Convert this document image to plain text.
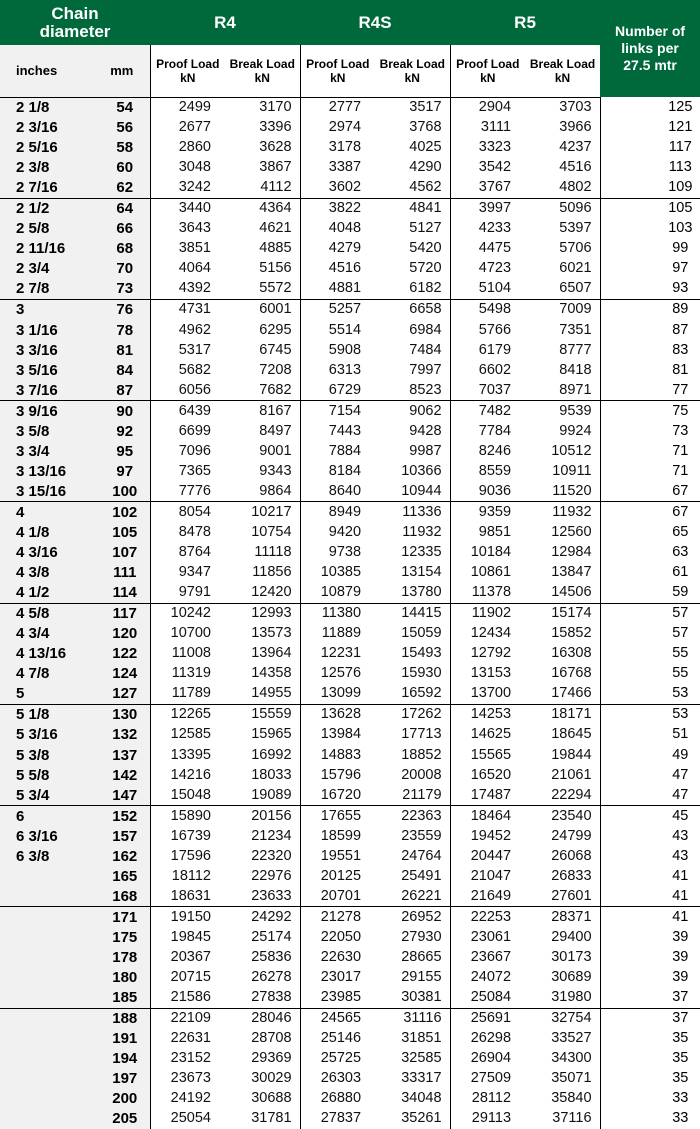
Chain diameter		R4		R4S		R5		Number of links per 27.5 mtr
inches	mm	Proof Load kN	Break Load kN	Proof Load kN	Break Load kN	Proof Load kN	Break Load kN	
2 1/8	54	2499	3170	2777	3517	2904	3703	125
2 3/16	56	2677	3396	2974	3768	3111	3966	121
2 5/16	58	2860	3628	3178	4025	3323	4237	117
2 3/8	60	3048	3867	3387	4290	3542	4516	113
2 7/16	62	3242	4112	3602	4562	3767	4802	109
2 1/2	64	3440	4364	3822	4841	3997	5096	105
2 5/8	66	3643	4621	4048	5127	4233	5397	103
2 11/16	68	3851	4885	4279	5420	4475	5706	99
2 3/4	70	4064	5156	4516	5720	4723	6021	97
2 7/8	73	4392	5572	4881	6182	5104	6507	93
3	76	4731	6001	5257	6658	5498	7009	89
3 1/16	78	4962	6295	5514	6984	5766	7351	87
3 3/16	81	5317	6745	5908	7484	6179	8777	83
3 5/16	84	5682	7208	6313	7997	6602	8418	81
3 7/16	87	6056	7682	6729	8523	7037	8971	77
3 9/16	90	6439	8167	7154	9062	7482	9539	75
3 5/8	92	6699	8497	7443	9428	7784	9924	73
3 3/4	95	7096	9001	7884	9987	8246	10512	71
3 13/16	97	7365	9343	8184	10366	8559	10911	71
3 15/16	100	7776	9864	8640	10944	9036	11520	67
4	102	8054	10217	8949	11336	9359	11932	67
4 1/8	105	8478	10754	9420	11932	9851	12560	65
4 3/16	107	8764	11118	9738	12335	10184	12984	63
4 3/8	111	9347	11856	10385	13154	10861	13847	61
4 1/2	114	9791	12420	10879	13780	11378	14506	59
4 5/8	117	10242	12993	11380	14415	11902	15174	57
4 3/4	120	10700	13573	11889	15059	12434	15852	57
4 13/16	122	11008	13964	12231	15493	12792	16308	55
4 7/8	124	11319	14358	12576	15930	13153	16768	55
5	127	11789	14955	13099	16592	13700	17466	53
5 1/8	130	12265	15559	13628	17262	14253	18171	53
5 3/16	132	12585	15965	13984	17713	14625	18645	51
5 3/8	137	13395	16992	14883	18852	15565	19844	49
5 5/8	142	14216	18033	15796	20008	16520	21061	47
5 3/4	147	15048	19089	16720	21179	17487	22294	47
6	152	15890	20156	17655	22363	18464	23540	45
6 3/16	157	16739	21234	18599	23559	19452	24799	43
6 3/8	162	17596	22320	19551	24764	20447	26068	43
	165	18112	22976	20125	25491	21047	26833	41
	168	18631	23633	20701	26221	21649	27601	41
	171	19150	24292	21278	26952	22253	28371	41
	175	19845	25174	22050	27930	23061	29400	39
	178	20367	25836	22630	28665	23667	30173	39
	180	20715	26278	23017	29155	24072	30689	39
	185	21586	27838	23985	30381	25084	31980	37
	188	22109	28046	24565	31116	25691	32754	37
	191	22631	28708	25146	31851	26298	33527	35
	194	23152	29369	25725	32585	26904	34300	35
	197	23673	30029	26303	33317	27509	35071	35
	200	24192	30688	26880	34048	28112	35840	33
	205	25054	31781	27837	35261	29113	37116	33
